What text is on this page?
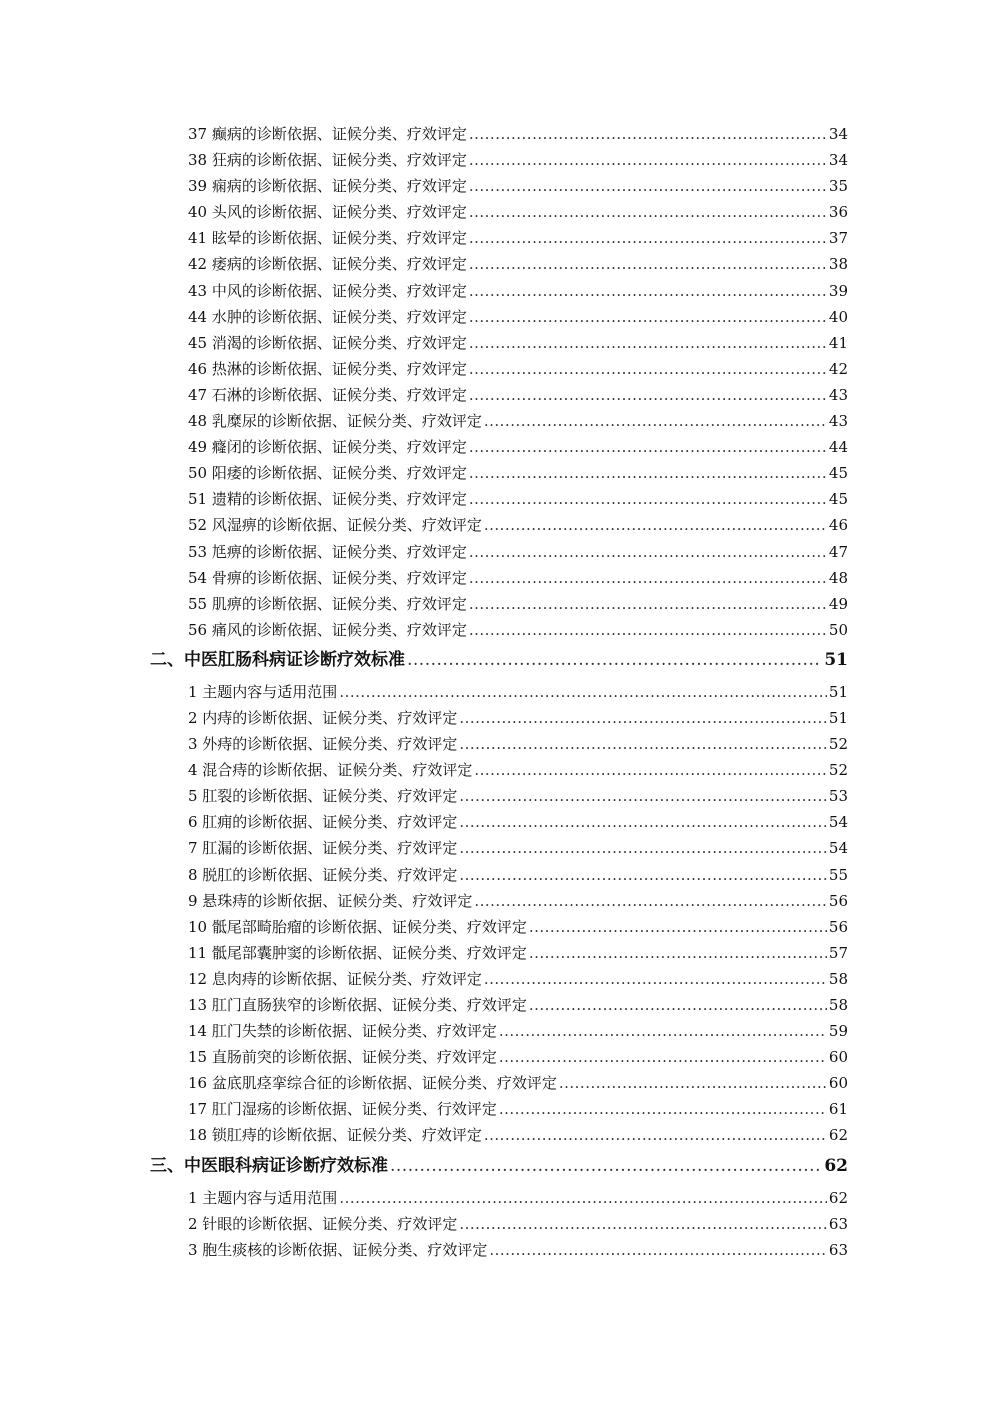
37 癫病的诊断依据、证候分类、疗效评定 .....	34
38 狂病的诊断依据、证候分类、疗效评定 .....	34
39 痫病的诊断依据、证候分类、疗效评定 .....	35
40 头风的诊断依据、证候分类、疗效评定 .....	36
41 眩晕的诊断依据、证候分类、疗效评定 .....	37
42 痿病的诊断依据、证候分类、疗效评定 .....	38
43 中风的诊断依据、证候分类、疗效评定 .....	39
44 水肿的诊断依据、证候分类、疗效评定 .....	40
45 消渴的诊断依据、证候分类、疗效评定 .....	41
46 热淋的诊断依据、证候分类、疗效评定 .....	42
47 石淋的诊断依据、证候分类、疗效评定 .....	43
48 乳糜尿的诊断依据、证候分类、疗效评定 .....	43
49 癃闭的诊断依据、证候分类、疗效评定 .....	44
50 阳痿的诊断依据、证候分类、疗效评定 .....	45
51 遗精的诊断依据、证候分类、疗效评定 .....	45
52 风湿痹的诊断依据、证候分类、疗效评定 .....	46
53 尪痹的诊断依据、证候分类、疗效评定 .....	47
54 骨痹的诊断依据、证候分类、疗效评定 .....	48
55 肌痹的诊断依据、证候分类、疗效评定 .....	49
56 痛风的诊断依据、证候分类、疗效评定 .....	50
二、中医肛肠科病证诊断疗效标准 .....	51
1 主题内容与适用范围 .....	51
2 内痔的诊断依据、证候分类、疗效评定 .....	51
3 外痔的诊断依据、证候分类、疗效评定 .....	52
4 混合痔的诊断依据、证候分类、疗效评定 .....	52
5 肛裂的诊断依据、证候分类、疗效评定 .....	53
6 肛痈的诊断依据、证候分类、疗效评定 .....	54
7 肛漏的诊断依据、证候分类、疗效评定 .....	54
8 脱肛的诊断依据、证候分类、疗效评定 .....	55
9 悬珠痔的诊断依据、证候分类、疗效评定 .....	56
10 骶尾部畸胎瘤的诊断依据、证候分类、疗效评定 .....	56
11 骶尾部囊肿窦的诊断依据、证候分类、疗效评定 .....	57
12 息肉痔的诊断依据、证候分类、疗效评定 .....	58
13 肛门直肠狭窄的诊断依据、证候分类、疗效评定 .....	58
14 肛门失禁的诊断依据、证候分类、疗效评定 .....	59
15 直肠前突的诊断依据、证候分类、疗效评定 .....	60
16 盆底肌痉挛综合征的诊断依据、证候分类、疗效评定 .....	60
17 肛门湿疡的诊断依据、证候分类、行效评定 .....	61
18 锁肛痔的诊断依据、证候分类、疗效评定 .....	62
三、中医眼科病证诊断疗效标准 .....	62
1 主题内容与适用范围 .....	62
2 针眼的诊断依据、证候分类、疗效评定 .....	63
3 胞生痰核的诊断依据、证候分类、疗效评定 .....	63
